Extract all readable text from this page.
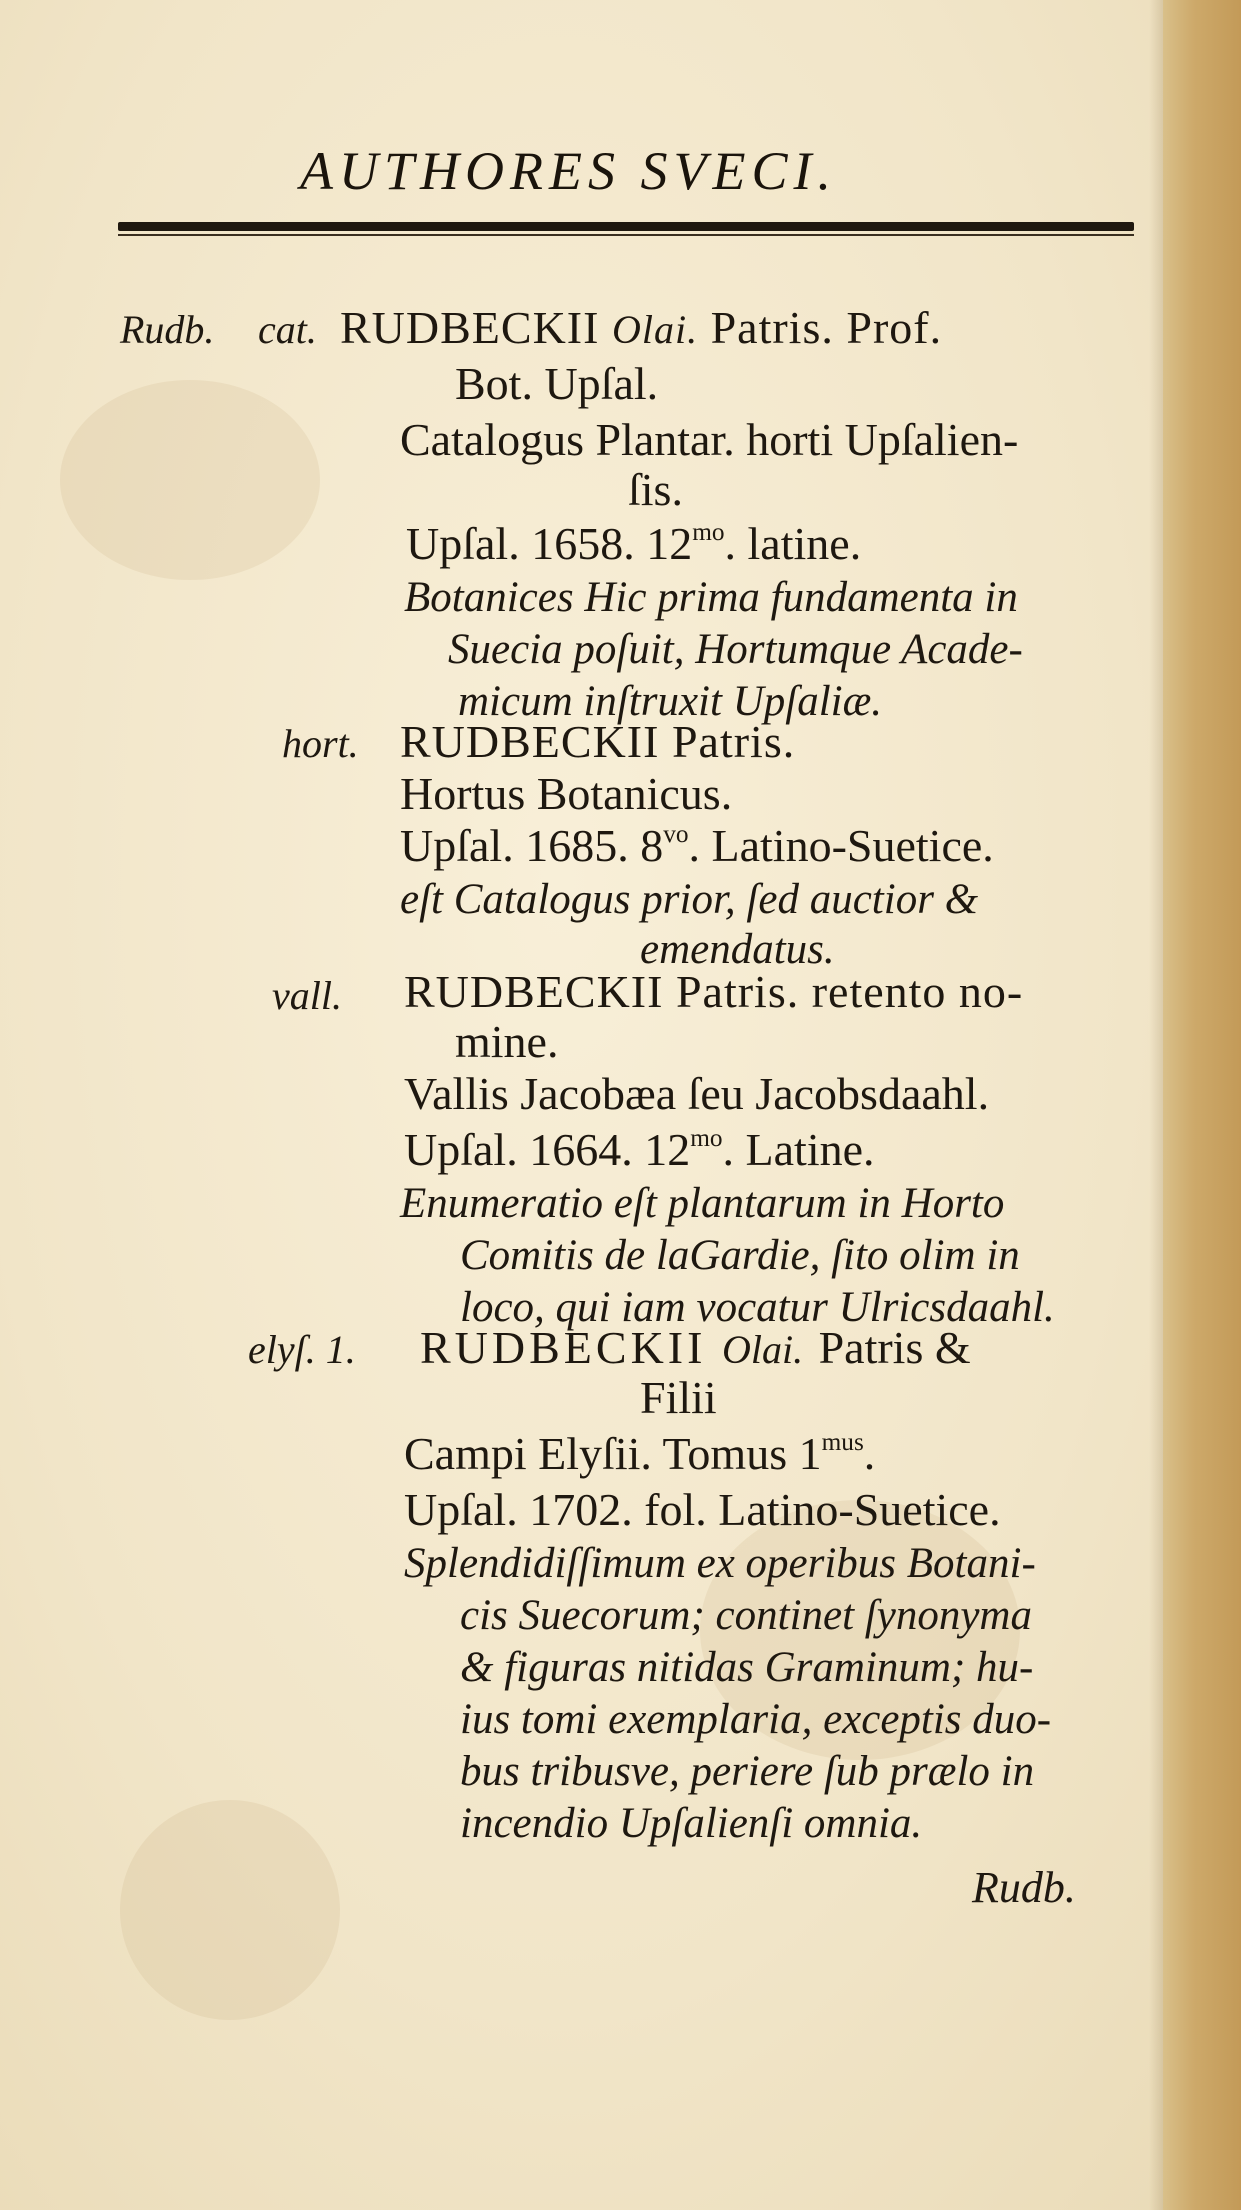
AUTHORES SVECI.
Rudb. cat. RUDBECKII Olai. Patris. Prof.
Bot. Upſal.
Catalogus Plantar. horti Upſalien-
ſis.
Upſal. 1658. $12^{mo}$. latine.
Botanices Hic prima fundamenta in
Suecia poſuit, Hortumque Acade-
micum inſtruxit Upſaliæ.
hort. RUDBECKII Patris.
Hortus Botanicus.
Upſal. 1685. $8^{vo}$. Latino-Suetice.
eſt Catalogus prior, ſed auctior &
emendatus.
vall. RUDBECKII Patris. retento no-
mine.
Vallis Jacobæa ſeu Jacobsdaahl.
Upſal. 1664. $12^{mo}$. Latine.
Enumeratio eſt plantarum in Horto
Comitis de laGardie, ſito olim in
loco, qui iam vocatur Ulricsdaahl.
elyſ. 1. RUDBECKII Olai. Patris &
Filii
Campi Elyſii. Tomus $1^{mus}$.
Upſal. 1702. fol. Latino-Suetice.
Splendidiſſimum ex operibus Botani-
cis Suecorum; continet ſynonyma
& figuras nitidas Graminum; hu-
ius tomi exemplaria, exceptis duo-
bus tribusve, periere ſub prælo in
incendio Upſalienſi omnia.
Rudb.
